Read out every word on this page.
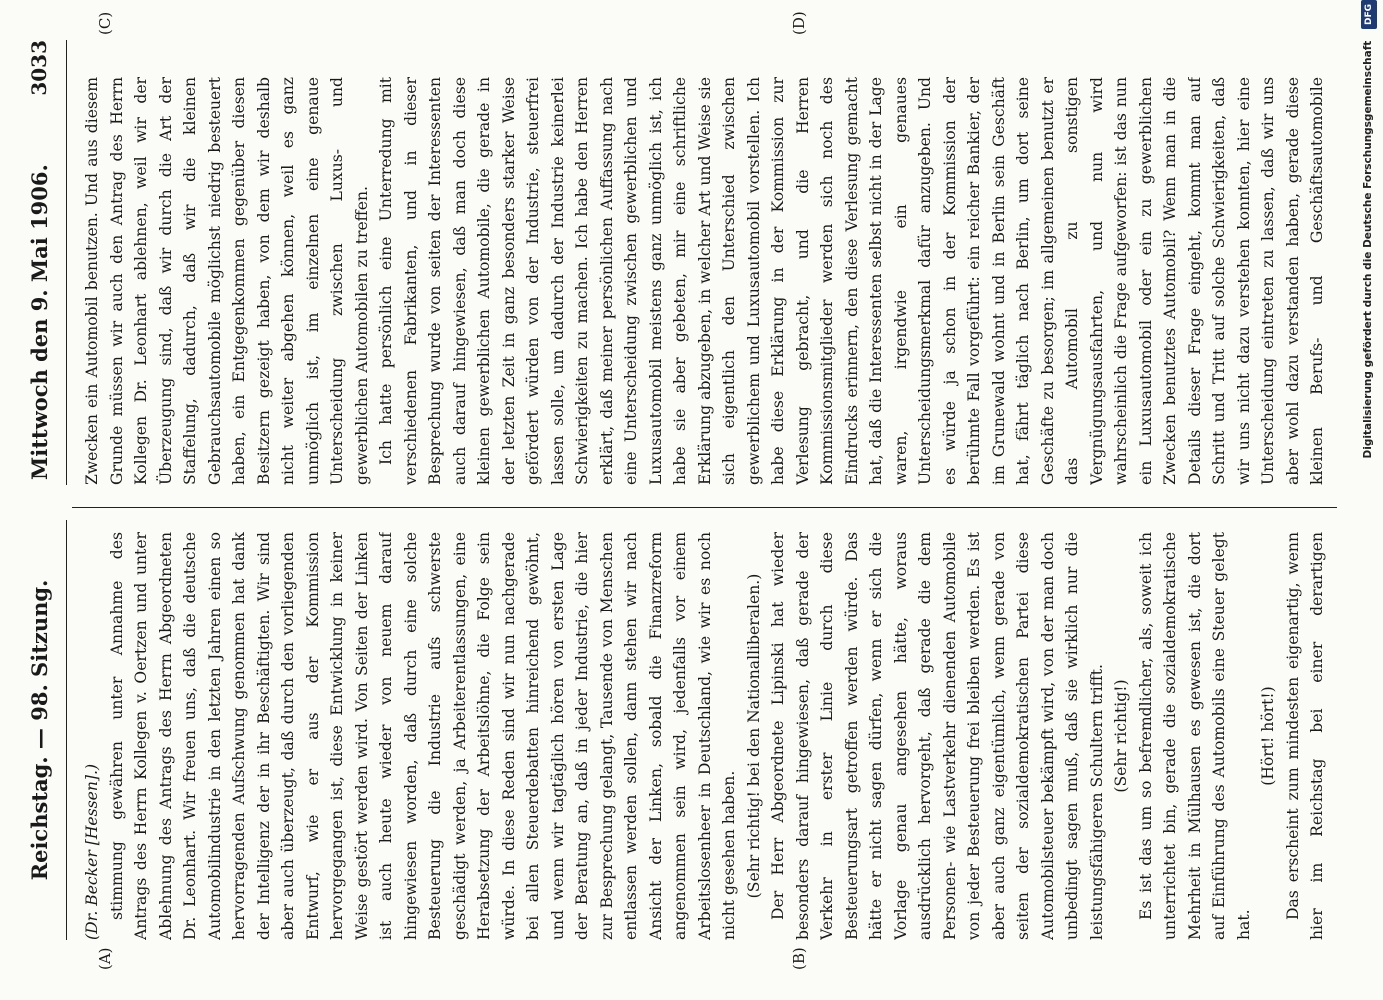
Reichstag. — 98. Sitzung.
Mittwoch den 9. Mai 1906.
3033
(A)	(B)
(C)	(D)

(Dr. Becker [Hessen].) stimmung gewähren unter Annahme des Antrags des Herrn Kollegen v. Oertzen und unter Ablehnung des Antrags des Herrn Abgeordneten Dr. Leonhart. Wir freuen uns, daß die deutsche Automobilindustrie in den letzten Jahren einen so hervorragenden Aufschwung genommen hat dank der Intelligenz der in ihr Beschäftigten. Wir sind aber auch überzeugt, daß durch den vorliegenden Entwurf, wie er aus der Kommission hervorgegangen ist, diese Entwicklung in keiner Weise gestört werden wird. Von Seiten der Linken ist auch heute wieder von neuem darauf hingewiesen worden, daß durch eine solche Besteuerung die Industrie aufs schwerste geschädigt werden, ja Arbeiterentlassungen, eine Herabsetzung der Arbeitslöhne, die Folge sein würde. In diese Reden sind wir nun nachgerade bei allen Steuerdebatten hinreichend gewöhnt, und wenn wir tagtäglich hören von ersten Lage der Beratung an, daß in jeder Industrie, die hier zur Besprechung gelangt, Tausende von Menschen entlassen werden sollen, dann stehen wir nach Ansicht der Linken, sobald die Finanzreform angenommen sein wird, jedenfalls vor einem Arbeitslosenheer in Deutschland, wie wir es noch nicht gesehen haben. (Sehr richtig! bei den Nationalliberalen.) Der Herr Abgeordnete Lipinski hat wieder besonders darauf hingewiesen, daß gerade der Verkehr in erster Linie durch diese Besteuerungsart getroffen werden würde. Das hätte er nicht sagen dürfen, wenn er sich die Vorlage genau angesehen hätte, woraus ausdrücklich hervorgeht, daß gerade die dem Personen- wie Lastverkehr dienenden Automobile von jeder Besteuerung frei bleiben werden. Es ist aber auch ganz eigentümlich, wenn gerade von seiten der sozialdemokratischen Partei diese Automobilsteuer bekämpft wird, von der man doch unbedingt sagen muß, daß sie wirklich nur die leistungsfähigeren Schultern trifft. (Sehr richtig!) Es ist das um so befremdlicher, als, soweit ich unterrichtet bin, gerade die sozialdemokratische Mehrheit in Mülhausen es gewesen ist, die dort auf Einführung des Automobils eine Steuer gelegt hat.

(Hört! hört!)

Das erscheint zum mindesten eigenartig, wenn hier im Reichstag bei einer derartigen

Zwecken ein Automobil benutzen. Und aus diesem Grunde müssen wir auch den Antrag des Herrn Kollegen Dr. Leonhart ablehnen, weil wir der Überzeugung sind, daß wir durch die Art der Staffelung, dadurch, daß wir die kleinen Gebrauchsautomobile möglichst niedrig besteuert haben, ein Entgegenkommen gegenüber diesen Besitzern gezeigt haben, von dem wir deshalb nicht weiter abgehen können, weil es ganz unmöglich ist, im einzelnen eine genaue Unterscheidung zwischen Luxus- und gewerblichen Automobilen zu treffen. Ich hatte persönlich eine Unterredung mit verschiedenen Fabrikanten, und in dieser Besprechung wurde von seiten der Interessenten auch darauf hingewiesen, daß man doch diese kleinen gewerblichen Automobile, die gerade in der letzten Zeit in ganz besonders starker Weise gefördert würden von der Industrie, steuerfrei lassen solle, um dadurch der Industrie keinerlei Schwierigkeiten zu machen. Ich habe den Herren erklärt, daß meiner persönlichen Auffassung nach eine Unterscheidung zwischen gewerblichen und Luxusautomobil meistens ganz unmöglich ist, ich habe sie aber gebeten, mir eine schriftliche Erklärung abzugeben, in welcher Art und Weise sie sich eigentlich den Unterschied zwischen gewerblichem und Luxusautomobil vorstellen. Ich habe diese Erklärung in der Kommission zur Verlesung gebracht, und die Herren Kommissionsmitglieder werden sich noch des Eindrucks erinnern, den diese Verlesung gemacht hat, daß die Interessenten selbst nicht in der Lage waren, irgendwie ein genaues Unterscheidungsmerkmal dafür anzugeben. Und es würde ja schon in der Kommission der berühmte Fall vorgeführt: ein reicher Bankier, der im Grunewald wohnt und in Berlin sein Geschäft hat, fährt täglich nach Berlin, um dort seine Geschäfte zu besorgen; im allgemeinen benutzt er das Automobil zu sonstigen Vergnügungsausfahrten, und nun wird wahrscheinlich die Frage aufgeworfen: ist das nun ein Luxusautomobil oder ein zu gewerblichen Zwecken benutztes Automobil? Wenn man in die Details dieser Frage eingeht, kommt man auf Schritt und Tritt auf solche Schwierigkeiten, daß wir uns nicht dazu verstehen konnten, hier eine Unterscheidung eintreten zu lassen, daß wir uns aber wohl dazu verstanden haben, gerade diese kleinen Berufs- und Geschäftsautomobile	Digitalisierung gefördert durch die Deutsche Forschungsgemeinschaft DFG
